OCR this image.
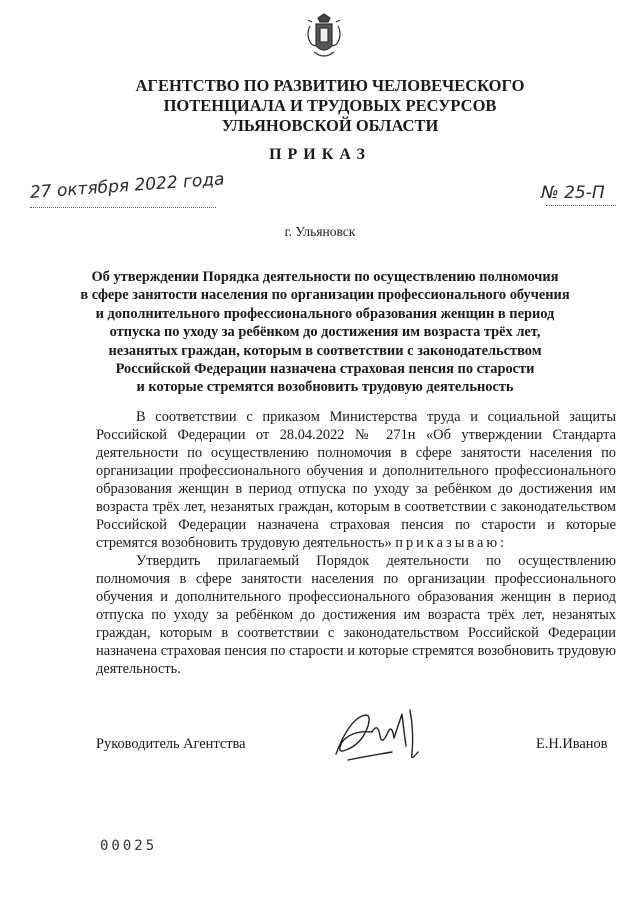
АГЕНТСТВО ПО РАЗВИТИЮ ЧЕЛОВЕЧЕСКОГО
ПОТЕНЦИАЛА И ТРУДОВЫХ РЕСУРСОВ
УЛЬЯНОВСКОЙ ОБЛАСТИ
ПРИКАЗ
27 октября 2022 года	№ 25-П
г. Ульяновск
Об утверждении Порядка деятельности по осуществлению полномочия
в сфере занятости населения по организации профессионального обучения
и дополнительного профессионального образования женщин в период
отпуска по уходу за ребёнком до достижения им возраста трёх лет,
незанятых граждан, которым в соответствии с законодательством
Российской Федерации назначена страховая пенсия по старости
и которые стремятся возобновить трудовую деятельность

В соответствии с приказом Министерства труда и социальной защиты Российской Федерации от 28.04.2022 № 271н «Об утверждении Стандарта деятельности по осуществлению полномочия в сфере занятости населения по организации профессионального обучения и дополнительного профессионального образования женщин в период отпуска по уходу за ребёнком до достижения им возраста трёх лет, незанятых граждан, которым в соответствии с законодательством Российской Федерации назначена страховая пенсия по старости и которые стремятся возобновить трудовую деятельность» приказываю:

Утвердить прилагаемый Порядок деятельности по осуществлению полномочия в сфере занятости населения по организации профессионального обучения и дополнительного профессионального образования женщин в период отпуска по уходу за ребёнком до достижения им возраста трёх лет, незанятых граждан, которым в соответствии с законодательством Российской Федерации назначена страховая пенсия по старости и которые стремятся возобновить трудовую деятельность.

Руководитель Агентства	Е.Н.Иванов
00025
